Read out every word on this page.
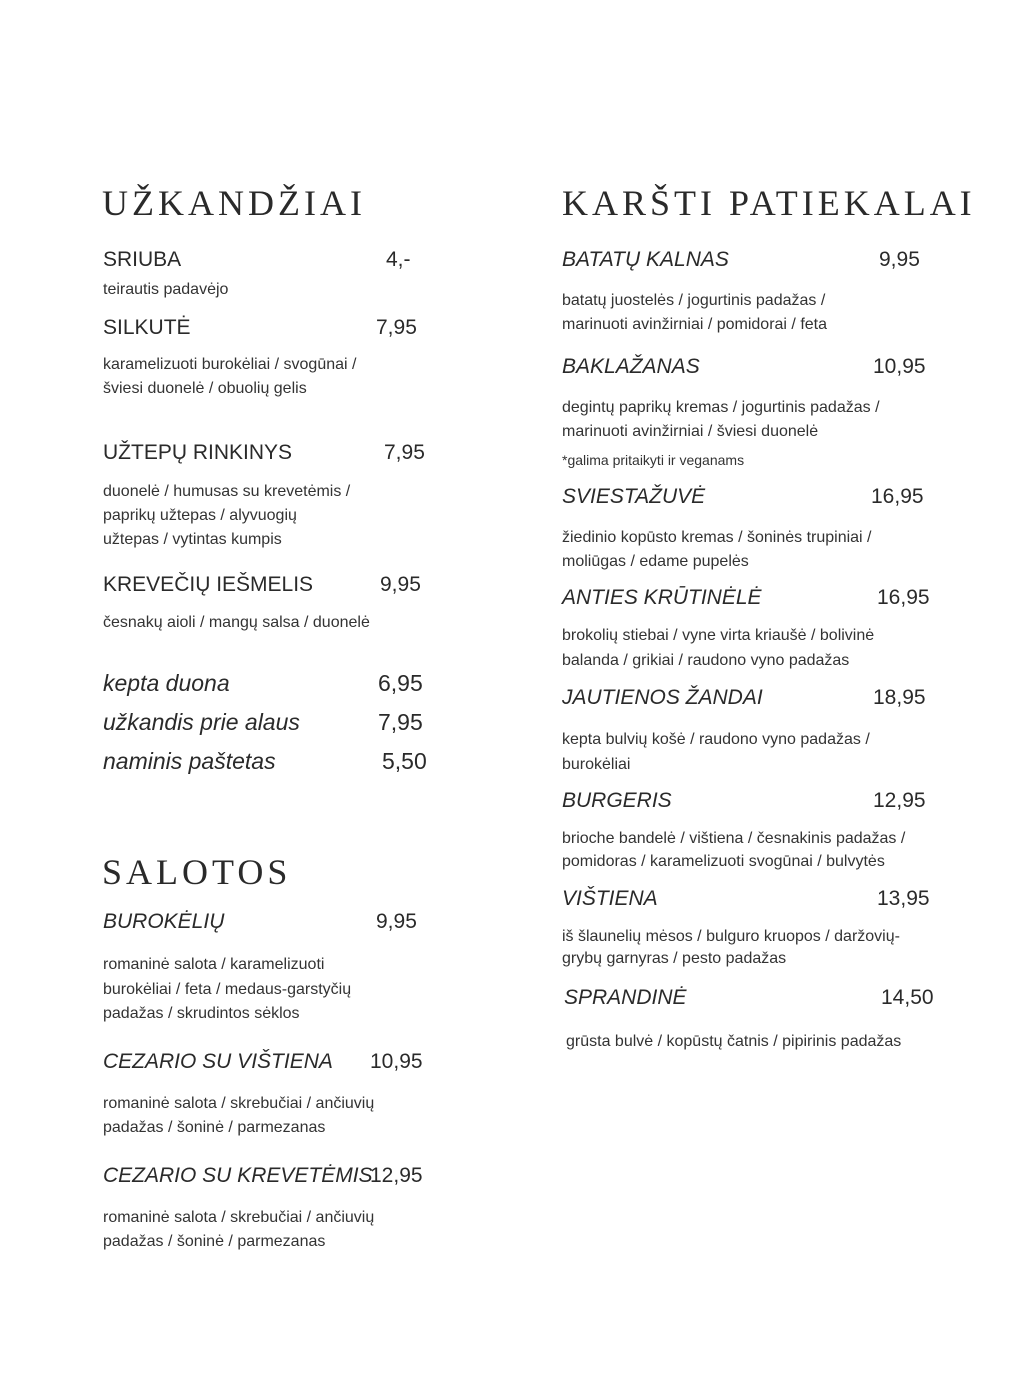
UŽKANDŽIAI
SRIUBA	4,-
teirautis padavėjo
SILKUTĖ	7,95
karamelizuoti burokėliai / svogūnai /
šviesi duonelė / obuolių gelis
UŽTEPŲ RINKINYS	7,95
duonelė / humusas su krevetėmis /
paprikų užtepas / alyvuogių
užtepas / vytintas kumpis
KREVEČIŲ IEŠMELIS	9,95
česnakų aioli / mangų salsa / duonelė
kepta duona	6,95
užkandis prie alaus	7,95
naminis paštetas	5,50
SALOTOS
BUROKĖLIŲ	9,95
romaninė salota / karamelizuoti
burokėliai / feta / medaus-garstyčių
padažas / skrudintos sėklos
CEZARIO SU VIŠTIENA 10,95
romaninė salota / skrebučiai / ančiuvių
padažas / šoninė / parmezanas
CEZARIO SU KREVETĖMIS
12,95
romaninė salota / skrebučiai / ančiuvių
padažas / šoninė / parmezanas
KARŠTI PATIEKALAI
BATATŲ KALNAS	9,95
batatų juostelės / jogurtinis padažas /
marinuoti avinžirniai / pomidorai / feta
BAKLAŽANAS	10,95
degintų paprikų kremas / jogurtinis padažas /
marinuoti avinžirniai / šviesi duonelė
*galima pritaikyti ir veganams
SVIESTAŽUVĖ	16,95
žiedinio kopūsto kremas / šoninės trupiniai /
moliūgas / edame pupelės
ANTIES KRŪTINĖLĖ	16,95
brokolių stiebai / vyne virta kriaušė / bolivinė
balanda / grikiai / raudono vyno padažas
JAUTIENOS ŽANDAI	18,95
kepta bulvių košė / raudono vyno padažas /
burokėliai
BURGERIS	12,95
brioche bandelė / vištiena / česnakinis padažas /
pomidoras / karamelizuoti svogūnai / bulvytės
VIŠTIENA	13,95
iš šlaunelių mėsos / bulguro kruopos / daržovių-
grybų garnyras / pesto padažas
SPRANDINĖ	14,50
grūsta bulvė / kopūstų čatnis / pipirinis padažas
